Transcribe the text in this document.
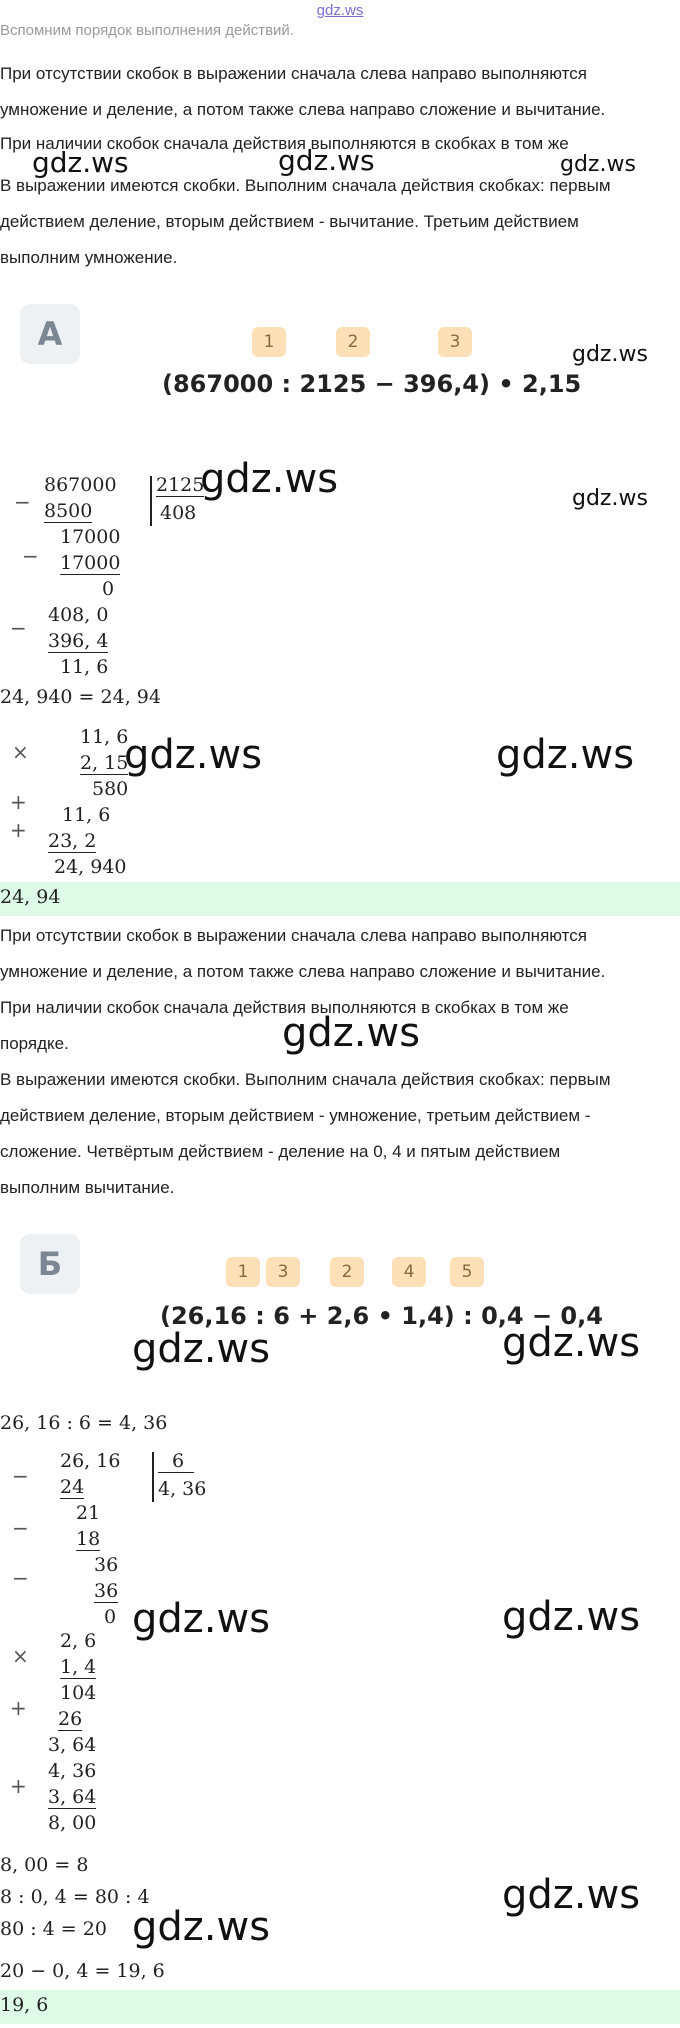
gdz.ws
Вспомним порядок выполнения действий.
При отсутствии скобок в выражении сначала слева направо выполняются
умножение и деление, а потом также слева направо сложение и вычитание.
При наличии скобок сначала действия выполняются в скобках в том же
В выражении имеются скобки. Выполним сначала действия скобках: первым
действием деление, вторым действием - вычитание. Третьим действием
выполним умножение.
gdz.ws	gdz.ws	gdz.ws
А	1	2	3
(867000 : 2125 − 396,4) • 2,15
gdz.ws
−
867000
8500
2125
408
−
17000
17000
0
gdz.ws	gdz.ws
−
408, 0
396, 4
11, 6
24, 940 = 24, 94
×
11, 6
2, 15
580
+
+
11, 6
23, 2
24, 940
gdz.ws	gdz.ws
24, 94
При отсутствии скобок в выражении сначала слева направо выполняются
умножение и деление, а потом также слева направо сложение и вычитание.
При наличии скобок сначала действия выполняются в скобках в том же
порядке.
В выражении имеются скобки. Выполним сначала действия скобках: первым
действием деление, вторым действием - умножение, третьим действием -
сложение. Четвёртым действием - деление на 0, 4 и пятым действием
выполним вычитание.
gdz.ws
Б	1	3	2	4	5
(26,16 : 6 + 2,6 • 1,4) : 0,4 − 0,4
gdz.ws	gdz.ws
26, 16 : 6 = 4, 36
−
26, 16
24
6
4, 36
−
21
18
−
36
36
0 gdz.ws	gdz.ws
×
2, 6
1, 4
104
+ 26
3, 64
+
4, 36
3, 64
8, 00
8, 00 = 8
8 : 0, 4 = 80 : 4
80 : 4 = 20
20 − 0, 4 = 19, 6
gdz.ws
gdz.ws
19, 6
